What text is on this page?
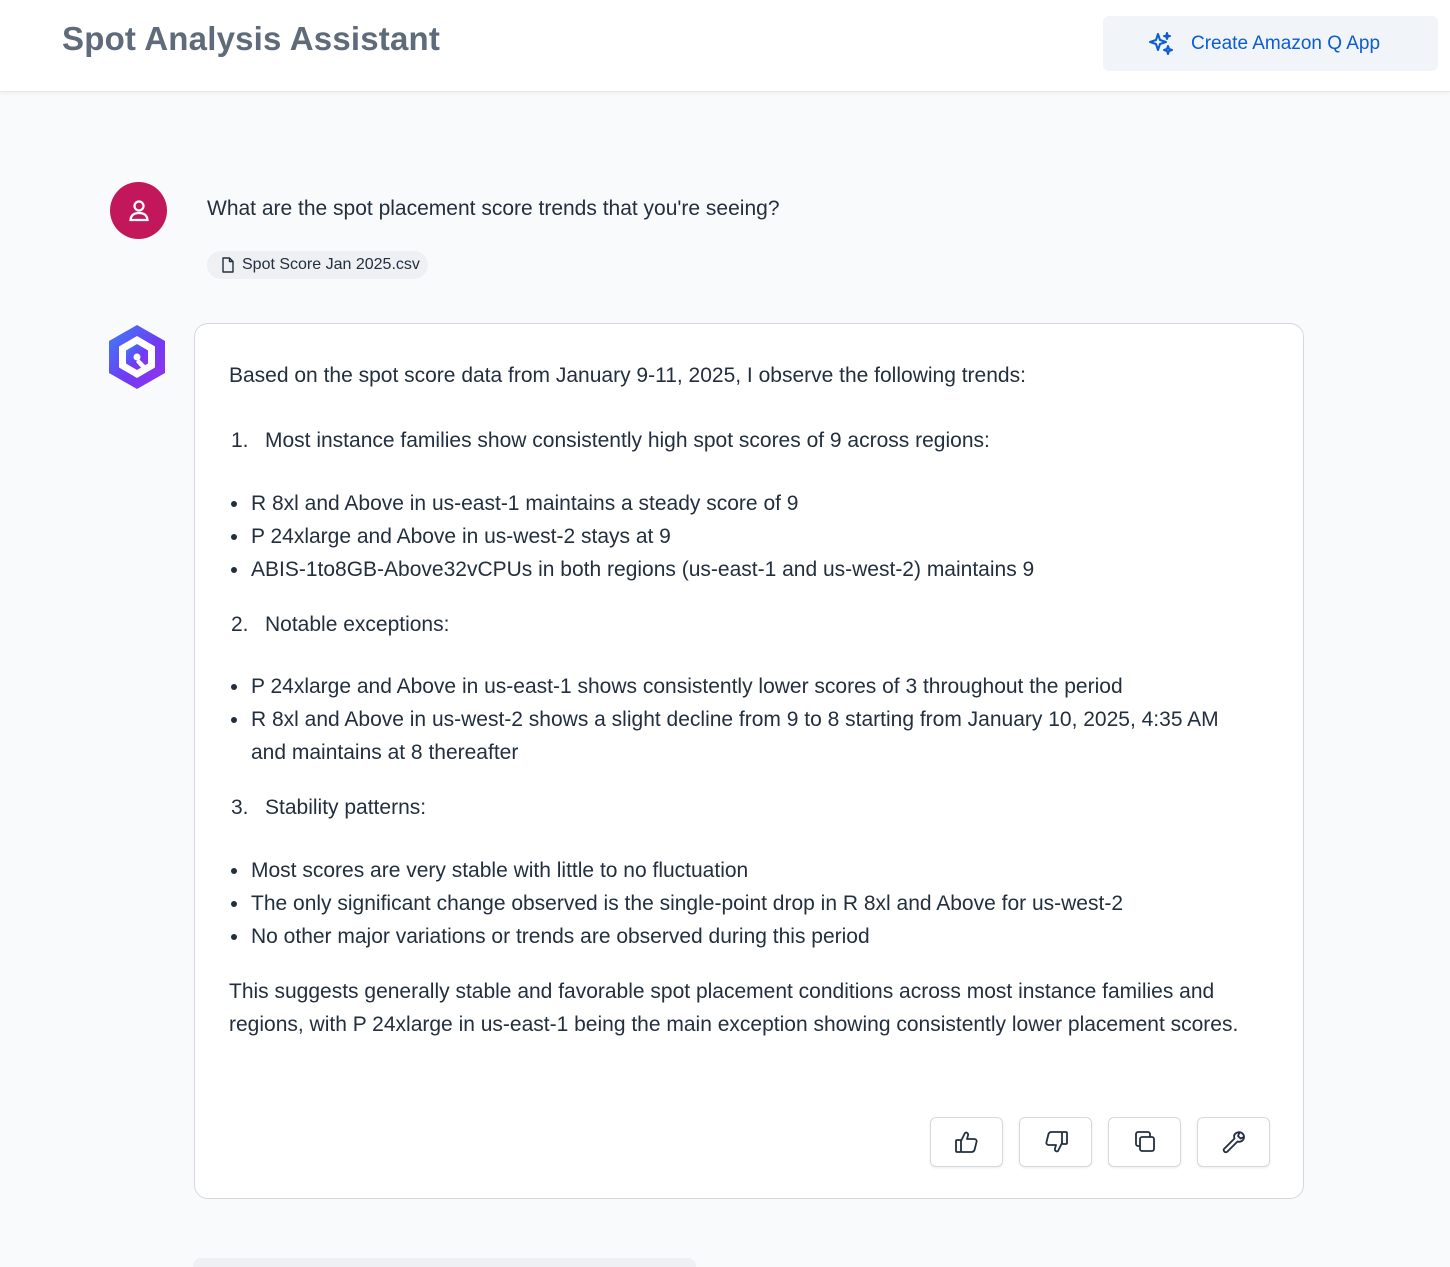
Spot Analysis Assistant	Create Amazon Q App
What are the spot placement score trends that you're seeing?
Spot Score Jan 2025.csv
Based on the spot score data from January 9-11, 2025, I observe the following trends:
1. Most instance families show consistently high spot scores of 9 across regions:
R 8xl and Above in us-east-1 maintains a steady score of 9
P 24xlarge and Above in us-west-2 stays at 9
ABIS-1to8GB-Above32vCPUs in both regions (us-east-1 and us-west-2) maintains 9
2. Notable exceptions:
P 24xlarge and Above in us-east-1 shows consistently lower scores of 3 throughout the period
R 8xl and Above in us-west-2 shows a slight decline from 9 to 8 starting from January 10, 2025, 4:35 AM and maintains at 8 thereafter
3. Stability patterns:
Most scores are very stable with little to no fluctuation
The only significant change observed is the single-point drop in R 8xl and Above for us-west-2
No other major variations or trends are observed during this period
This suggests generally stable and favorable spot placement conditions across most instance families and regions, with P 24xlarge in us-east-1 being the main exception showing consistently lower placement scores.
